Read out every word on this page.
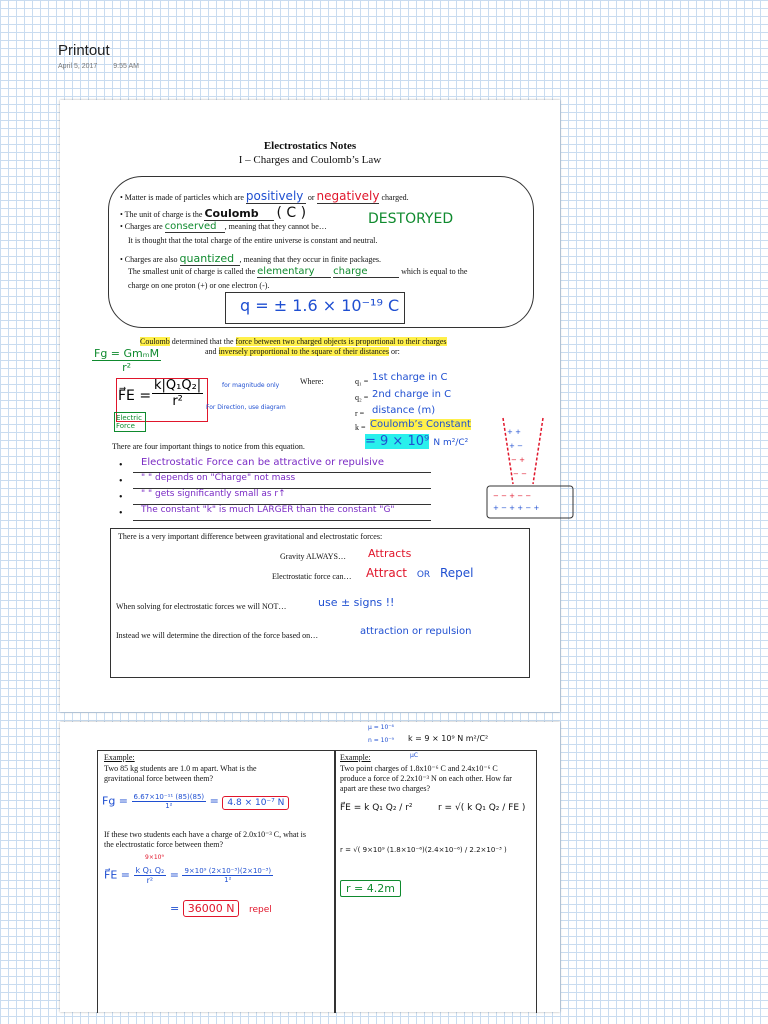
Printout
April 5, 2017 9:55 AM
Electrostatics Notes
I – Charges and Coulomb’s Law
• Matter is made of particles which are positively or negatively charged.
• The unit of charge is the Coulomb ( C )
• Charges are conserved , meaning that they cannot be…	DESTORYED
It is thought that the total charge of the entire universe is constant and neutral.
• Charges are also quantized , meaning that they occur in finite packages.
The smallest unit of charge is called the elementary charge	which is equal to the
charge on one proton (+) or one electron (-).
q = ± 1.6 × 10⁻¹⁹ C
Coulomb determined that the force between two charged objects is proportional to their charges
and inversely proportional to the square of their distances or:
$\frac{\text{Fg = GmₘM}}{\text{r²}}$
F⃗E = $\frac{\text{k|Q₁Q₂|}}{\text{r²}}$	for magnitude only
For Direction, use diagram
Electric Force
Where:	q₁ = 1st charge in C
q₂ = 2nd charge in C
r = distance (m)
k = Coulomb’s Constant
= 9 × 10⁹ N m²/C²
There are four important things to notice from this equation.
• Electrostatic Force can be attractive or repulsive
• " " depends on "Charge" not mass
• " " gets significantly small as r↑
• The constant "k" is much LARGER than the constant "G"
+ +
+ −
− +
− −
− − + − −
+ − + + − +
There is a very important difference between gravitational and electrostatic forces:
Gravity ALWAYS… Attracts
Electrostatic force can… Attract OR Repel
When solving for electrostatic forces we will NOT…	use ± signs !!
Instead we will determine the direction of the force based on…	attraction or repulsion
μ = 10⁻⁶
n = 10⁻⁹ k = 9 × 10⁹ N m²/C²
Example:
Two 85 kg students are 1.0 m apart. What is the gravitational force between them?
$Fg = \frac{\text{6.67×10⁻¹¹ (85)(85)}}{\text{1²}} = 4.8 \times 10^{-7}$ N
If these two students each have a charge of 2.0x10⁻³ C, what is the electrostatic force between them?
9×10⁹
F⃗E = $\frac{\text{k Q₁ Q₂}}{\text{r²}} = \frac{\text{9×10⁹ (2×10⁻³)(2×10⁻³)}}{\text{1²}}$
= 36000 N repel
Example:	μC
Two point charges of 1.8x10⁻⁶ C and 2.4x10⁻⁶ C produce a force of 2.2x10⁻³ N on each other. How far apart are these two charges?
F⃗E = k Q₁ Q₂ / r²	r = √( k Q₁ Q₂ / FE )
r = √( 9×10⁹ (1.8×10⁻⁶)(2.4×10⁻⁶) / 2.2×10⁻³ )
r = 4.2m
